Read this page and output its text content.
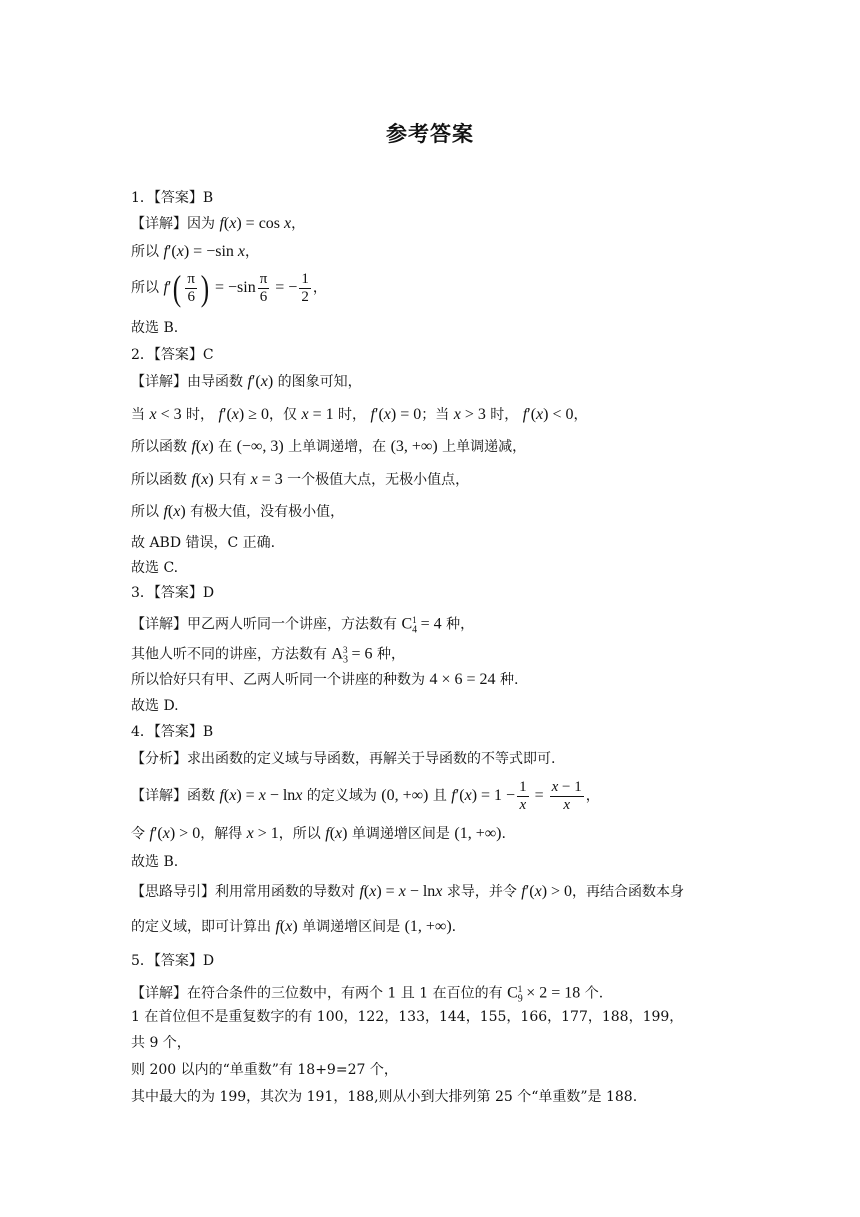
参考答案
1．【答案】B
【详解】因为 f(x) = cos x，
所以 f′(x) = −sin x，
所以 $f'( \frac{\pi}{6}$ ) = $-\sin \frac{\pi}{6}$ = − $\frac{1}{2}$ ，
故选 B.
2．【答案】C
【详解】由导函数 f′(x) 的图象可知，
当 x < 3 时， f′(x) ≥ 0，仅 x = 1 时， f′(x) = 0；当 x > 3 时， f′(x) < 0，
所以函数 f(x) 在 (−∞, 3) 上单调递增，在 (3, +∞) 上单调递减，
所以函数 f(x) 只有 x = 3 一个极值大点，无极小值点，
所以 f(x) 有极大值，没有极小值，
故 ABD 错误，C 正确.
故选 C.
3．【答案】D
【详解】甲乙两人听同一个讲座，方法数有 $C_4^1 = 4$ 种，
其他人听不同的讲座，方法数有 $A_3^3 = 6$ 种，
所以恰好只有甲、乙两人听同一个讲座的种数为 4 × 6 = 24 种.
故选 D.
4．【答案】B
【分析】求出函数的定义域与导函数，再解关于导函数的不等式即可.
【详解】函数 f(x) = x − lnx 的定义域为 (0, +∞) 且 $f'(x) = 1 - \frac{1}{x} = \frac{x - 1}{x}$ ，
令 f′(x) > 0，解得 x > 1，所以 f(x) 单调递增区间是 (1, +∞).
故选 B.
【思路导引】利用常用函数的导数对 f(x) = x − lnx 求导，并令 f′(x) > 0，再结合函数本身
的定义域，即可计算出 f(x) 单调递增区间是 (1, +∞).
5．【答案】D
【详解】在符合条件的三位数中，有两个 1 且 1 在百位的有 $C_9^1 \times 2 = 18$ 个.
1 在首位但不是重复数字的有 100，122，133，144，155，166，177，188，199，
共 9 个，
则 200 以内的“单重数”有 18+9=27 个，
其中最大的为 199，其次为 191，188,则从小到大排列第 25 个“单重数”是 188.
